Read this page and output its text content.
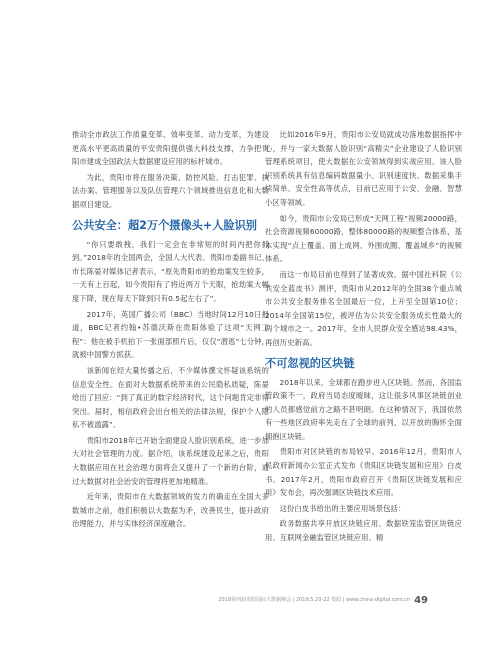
推动全市政法工作质量变革、效率变革、动力变革，为建设更高水平更高质量的平安贵阳提供强大科技支撑，力争把贵阳市建成全国政法大数据建设应用的标杆城市。

为此，贵阳市将在服务决策、防控风险、打击犯罪、执法办案、管理服务以及队伍管理六个领域推进信息化和大数据项目建设。

公共安全：超2万个摄像头+人脸识别

“你只要敢拽，我们一定会在非常短的时间内把你抓到。”2018年的全国两会，全国人大代表、贵阳市委副书记、市长陈晏对媒体记者表示，“原先贵阳市的抢劫案发生较多，一天有上百起，如今贵阳有了将近两万个天眼，抢劫案大幅度下降，现在每天下降到只有0.5起左右了”。

2017年，英国广播公司（BBC）当地时间12月10日报道，BBC记者约翰•苏德沃斯在贵阳体验了这项“天网工程”：他在被手机拍下一张面部照片后，仅仅“潜逃”七分钟，就被中国警方抓获。

该新闻在经大量传播之后，不少媒体撰文怀疑该系统的信息安全性。在面对大数据系统带来的公民隐私质疑，陈晏给出了回应：“到了真正的数字经济时代，这个问题肯定非常突出。届时，相信政府会出台相关的法律法规，保护个人隐私不被滥露”。

贵阳市2018年已开始全面建设人脸识别系统，进一步加大对社会管理的力度。据介绍，该系统建设起来之后，贵阳大数据应用在社会治理方面将会又提升了一个新的台阶，通过大数据对社会治安的管理将更加地精准。

近年来，贵阳市在大数据领域的发力的确走在全国大多数城市之前，他们积极以大数据为矛，改善民生，提升政府治理能力，并与实体经济深度融合。

比如2016年9月，贵阳市公安局就成功落地数据指挥中心，并与一家大数据人脸识别“高精尖”企业建设了人脸识别管理系统项目，使大数据在公安领域得到实战应用。该人脸识别系统具有信息编码数据量小、识别速度快、数据采集手续简单、安全性高等优点，目前已应用于公安、金融、智慧小区等领域。

如今，贵阳市公安局已形成“天网工程”视频20000路，社会资源视频60000路，整体80000路的视频整合体系，基本实现“点上覆盖、面上成网、外围成圈、覆盖城乡”的视频体系。

而这一布局目前也得到了显著成效。据中国社科院《公共安全蓝皮书》测评，贵阳市从2012年的全国38个重点城市公共安全服务排名全国最后一位，上升至全国第10位；2014年全国第15位，被评估为公共安全服务成长性最大的两个城市之一。2017年，全市人民群众安全感达98.43%，再创历史新高。

不可忽视的区块链

2018年以来，全球都在跑步进入区块链。然而，各国监管政策不一，政府当局态度暧昧，这让很多风事区块链创业的人员都感觉前方之路不甚明朗。在这种情况下，我国依然有一些地区政府率先走在了全球的前列，以开放的胸怀全面拥抱区块链。

贵阳市对区块链的布局较早。2016年12月，贵阳市人民政府新闻办公室正式发布《贵阳区块链发展和应用》白皮书。2017年2月，贵阳市政府召开《贵阳区块链发展和应用》发布会，再次强调区块链技术应用。

这份白皮书给出的主要应用场景包括：

政务数据共享开放区块链应用、数据铁笼监管区块链应用、互联网金融监管区块链应用、精

2019第四届贵阳国际大数据峰会 | 2019.5.20-22 贵阳 | www.china-digital.com.cn 49
